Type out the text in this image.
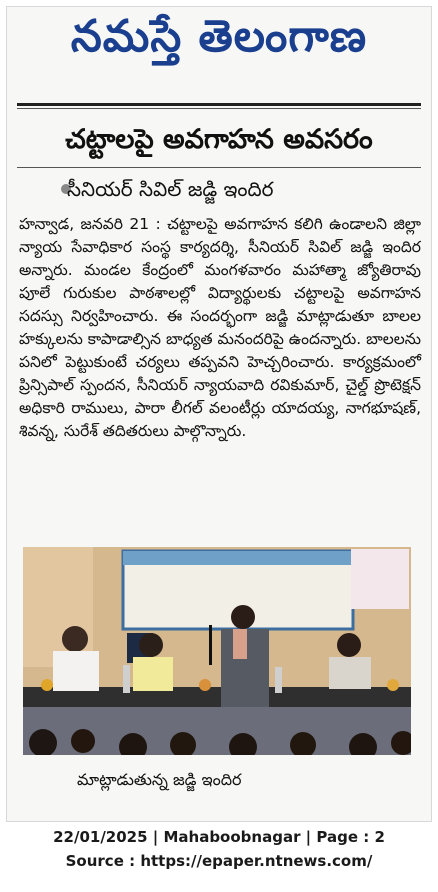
నమస్తే తెలంగాణ
చట్టాలపై అవగాహన అవసరం
సీనియర్ సివిల్ జడ్జి ఇందిర

హన్వాడ, జనవరి 21 : చట్టాలపై అవగాహన కలిగి ఉండాలని జిల్లా న్యాయ సేవాధికార సంస్థ కార్యదర్శి, సీనియర్ సివిల్ జడ్జి ఇందిర అన్నారు. మండల కేంద్రంలో మంగళవారం మహాత్మా జ్యోతిరావు పూలే గురుకుల పాఠశాలల్లో విద్యార్థులకు చట్టాలపై అవగాహన సదస్సు నిర్వహించారు. ఈ సందర్భంగా జడ్జి మాట్లాడుతూ బాలల హక్కులను కాపాడాల్సిన బాధ్యత మనందరిపై ఉందన్నారు. బాలలను పనిలో పెట్టుకుంటే చర్యలు తప్పవని హెచ్చరించారు. కార్యక్రమంలో ప్రిన్సిపాల్ స్పందన, సీనియర్ న్యాయవాది రవికుమార్, చైల్డ్ ప్రొటెక్షన్ అధికారి రాములు, పారా లీగల్ వలంటీర్లు యాదయ్య, నాగభూషణ్, శివన్న, సురేశ్ తదితరులు పాల్గొన్నారు.

మాట్లాడుతున్న జడ్జి ఇందిర
22/01/2025 | Mahaboobnagar | Page : 2
Source : https://epaper.ntnews.com/
